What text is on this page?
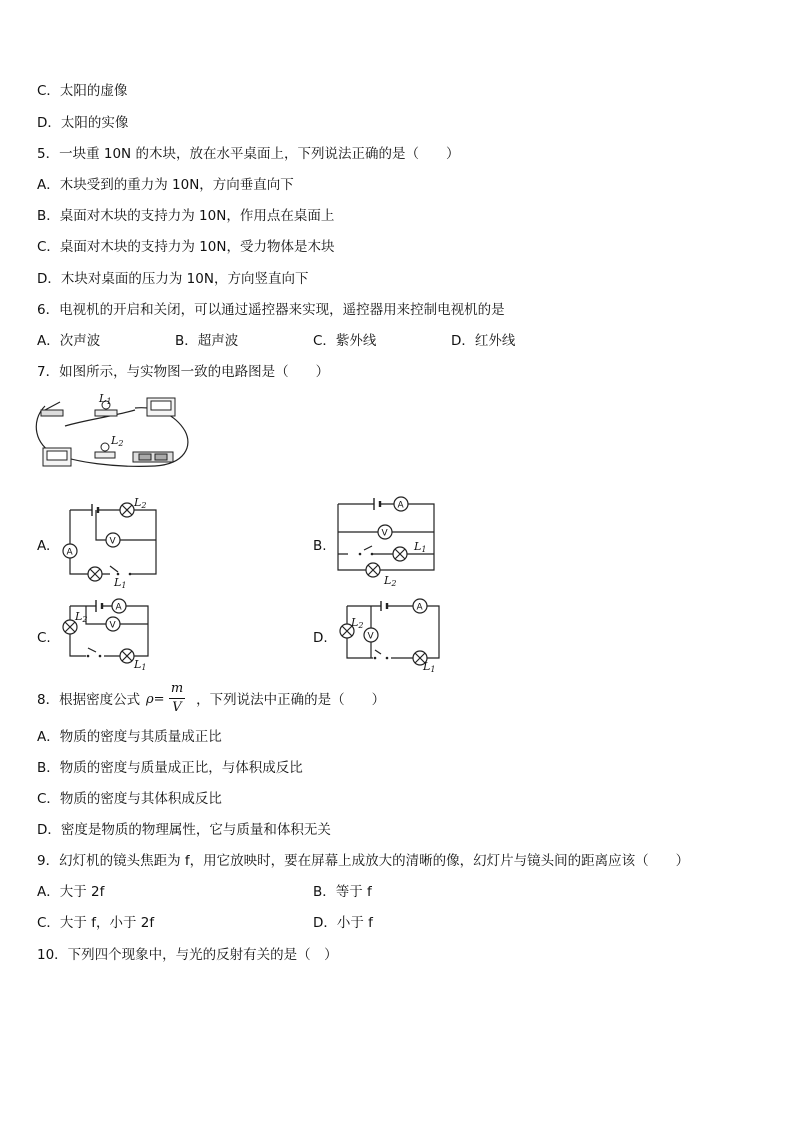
C．太阳的虚像
D．太阳的实像
5．一块重 10N 的木块，放在水平桌面上，下列说法正确的是（　　）
A．木块受到的重力为 10N，方向垂直向下
B．桌面对木块的支持力为 10N，作用点在桌面上
C．桌面对木块的支持力为 10N，受力物体是木块
D．木块对桌面的压力为 10N，方向竖直向下
6．电视机的开启和关闭，可以通过遥控器来实现，遥控器用来控制电视机的是
A．次声波	B．超声波	C．紫外线	D．红外线
7．如图所示，与实物图一致的电路图是（　　）
L1
L2
A.
L2
V
A
L1
B.
A
V
L1
L2
C.
A
V
L2
L1
D.
A
V
L2
L1
8．根据密度公式	，下列说法中正确的是（　　）
ρ=
m
V
A．物质的密度与其质量成正比
B．物质的密度与质量成正比，与体积成反比
C．物质的密度与其体积成反比
D．密度是物质的物理属性，它与质量和体积无关
9．幻灯机的镜头焦距为 f，用它放映时，要在屏幕上成放大的清晰的像，幻灯片与镜头间的距离应该（　　）
A．大于 2f	B．等于 f
C．大于 f，小于 2f	D．小于 f
10．下列四个现象中，与光的反射有关的是（　）
